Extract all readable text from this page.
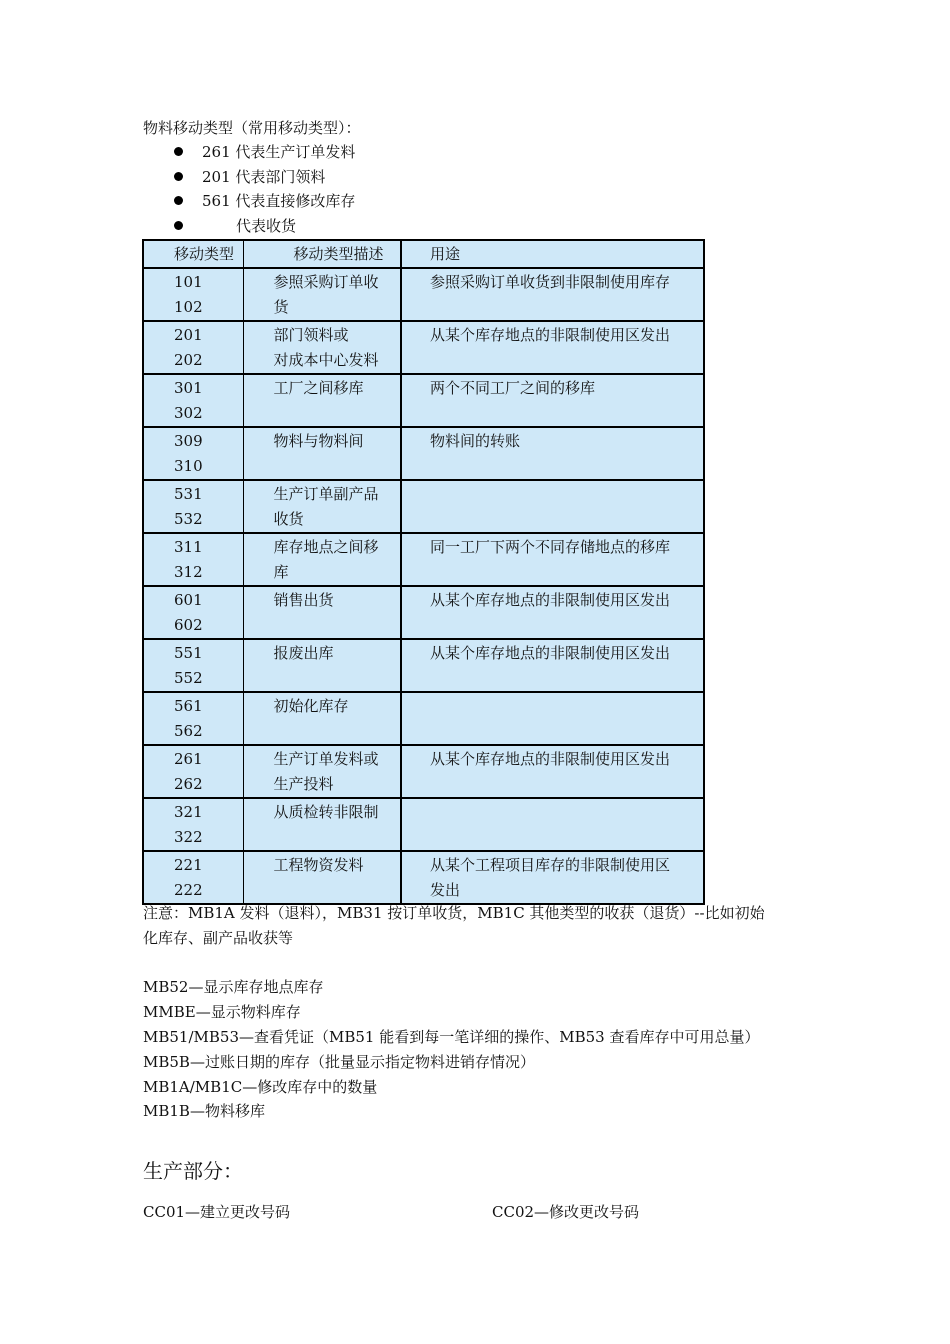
物料移动类型（常用移动类型）：
261 代表生产订单发料
201 代表部门领料
561 代表直接修改库存
代表收货
移动类型	移动类型描述	用途

101
102	参照采购订单收
货	参照采购订单收货到非限制使用库存

201
202	部门领料或
对成本中心发料	从某个库存地点的非限制使用区发出

301
302	工厂之间移库	两个不同工厂之间的移库

309
310	物料与物料间	物料间的转账

531
532	生产订单副产品
收货	

311
312	库存地点之间移
库	同一工厂下两个不同存储地点的移库

601
602	销售出货	从某个库存地点的非限制使用区发出

551
552	报废出库	从某个库存地点的非限制使用区发出

561
562	初始化库存	

261
262	生产订单发料或
生产投料	从某个库存地点的非限制使用区发出

321
322	从质检转非限制	

221
222	工程物资发料	从某个工程项目库存的非限制使用区
发出
注意：MB1A 发料（退料），MB31 按订单收货，MB1C 其他类型的收获（退货）--比如初始
化库存、副产品收获等
MB52—显示库存地点库存
MMBE—显示物料库存
MB51/MB53—查看凭证（MB51 能看到每一笔详细的操作、MB53 查看库存中可用总量）
MB5B—过账日期的库存（批量显示指定物料进销存情况）
MB1A/MB1C—修改库存中的数量
MB1B—物料移库
生产部分：
CC01—建立更改号码	CC02—修改更改号码
